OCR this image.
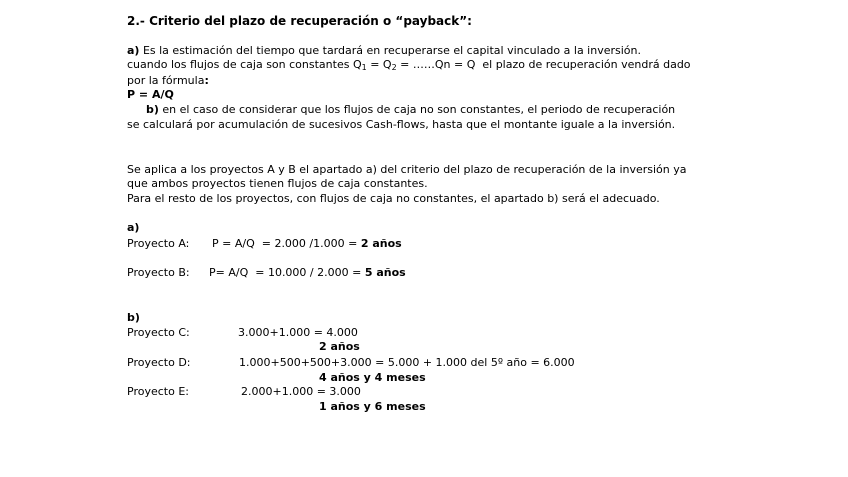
2.- Criterio del plazo de recuperación o “payback”:
a) Es la estimación del tiempo que tardará en recuperarse el capital vinculado a la inversión.
cuando los flujos de caja son constantes $Q_1 = Q_2$ = ……Qn = Q  el plazo de recuperación vendrá dado
por la fórmula:
P = A/Q
b) en el caso de considerar que los flujos de caja no son constantes, el periodo de recuperación
se calculará por acumulación de sucesivos Cash-flows, hasta que el montante iguale a la inversión.
Se aplica a los proyectos A y B el apartado a) del criterio del plazo de recuperación de la inversión ya
que ambos proyectos tienen flujos de caja constantes.
Para el resto de los proyectos, con flujos de caja no constantes, el apartado b) será el adecuado.
a)
Proyecto A: P = A/Q  = 2.000 /1.000 = 2 años
Proyecto B: P= A/Q  = 10.000 / 2.000 = 5 años
b)
Proyecto C:	3.000+1.000 = 4.000
2 años
Proyecto D:	1.000+500+500+3.000 = 5.000 + 1.000 del 5º año = 6.000
4 años y 4 meses
Proyecto E:	2.000+1.000 = 3.000
1 años y 6 meses
